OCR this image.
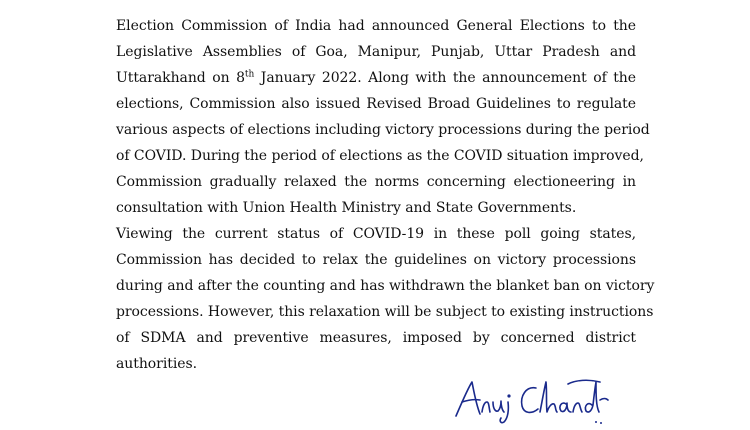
Election Commission of India had announced General Elections to the
Legislative Assemblies of Goa, Manipur, Punjab, Uttar Pradesh and
Uttarakhand on 8th January 2022. Along with the announcement of the
elections, Commission also issued Revised Broad Guidelines to regulate
various aspects of elections including victory processions during the period
of COVID. During the period of elections as the COVID situation improved,
Commission gradually relaxed the norms concerning electioneering in
consultation with Union Health Ministry and State Governments.

Viewing the current status of COVID-19 in these poll going states,
Commission has decided to relax the guidelines on victory processions
during and after the counting and has withdrawn the blanket ban on victory
processions. However, this relaxation will be subject to existing instructions
of SDMA and preventive measures, imposed by concerned district
authorities.
